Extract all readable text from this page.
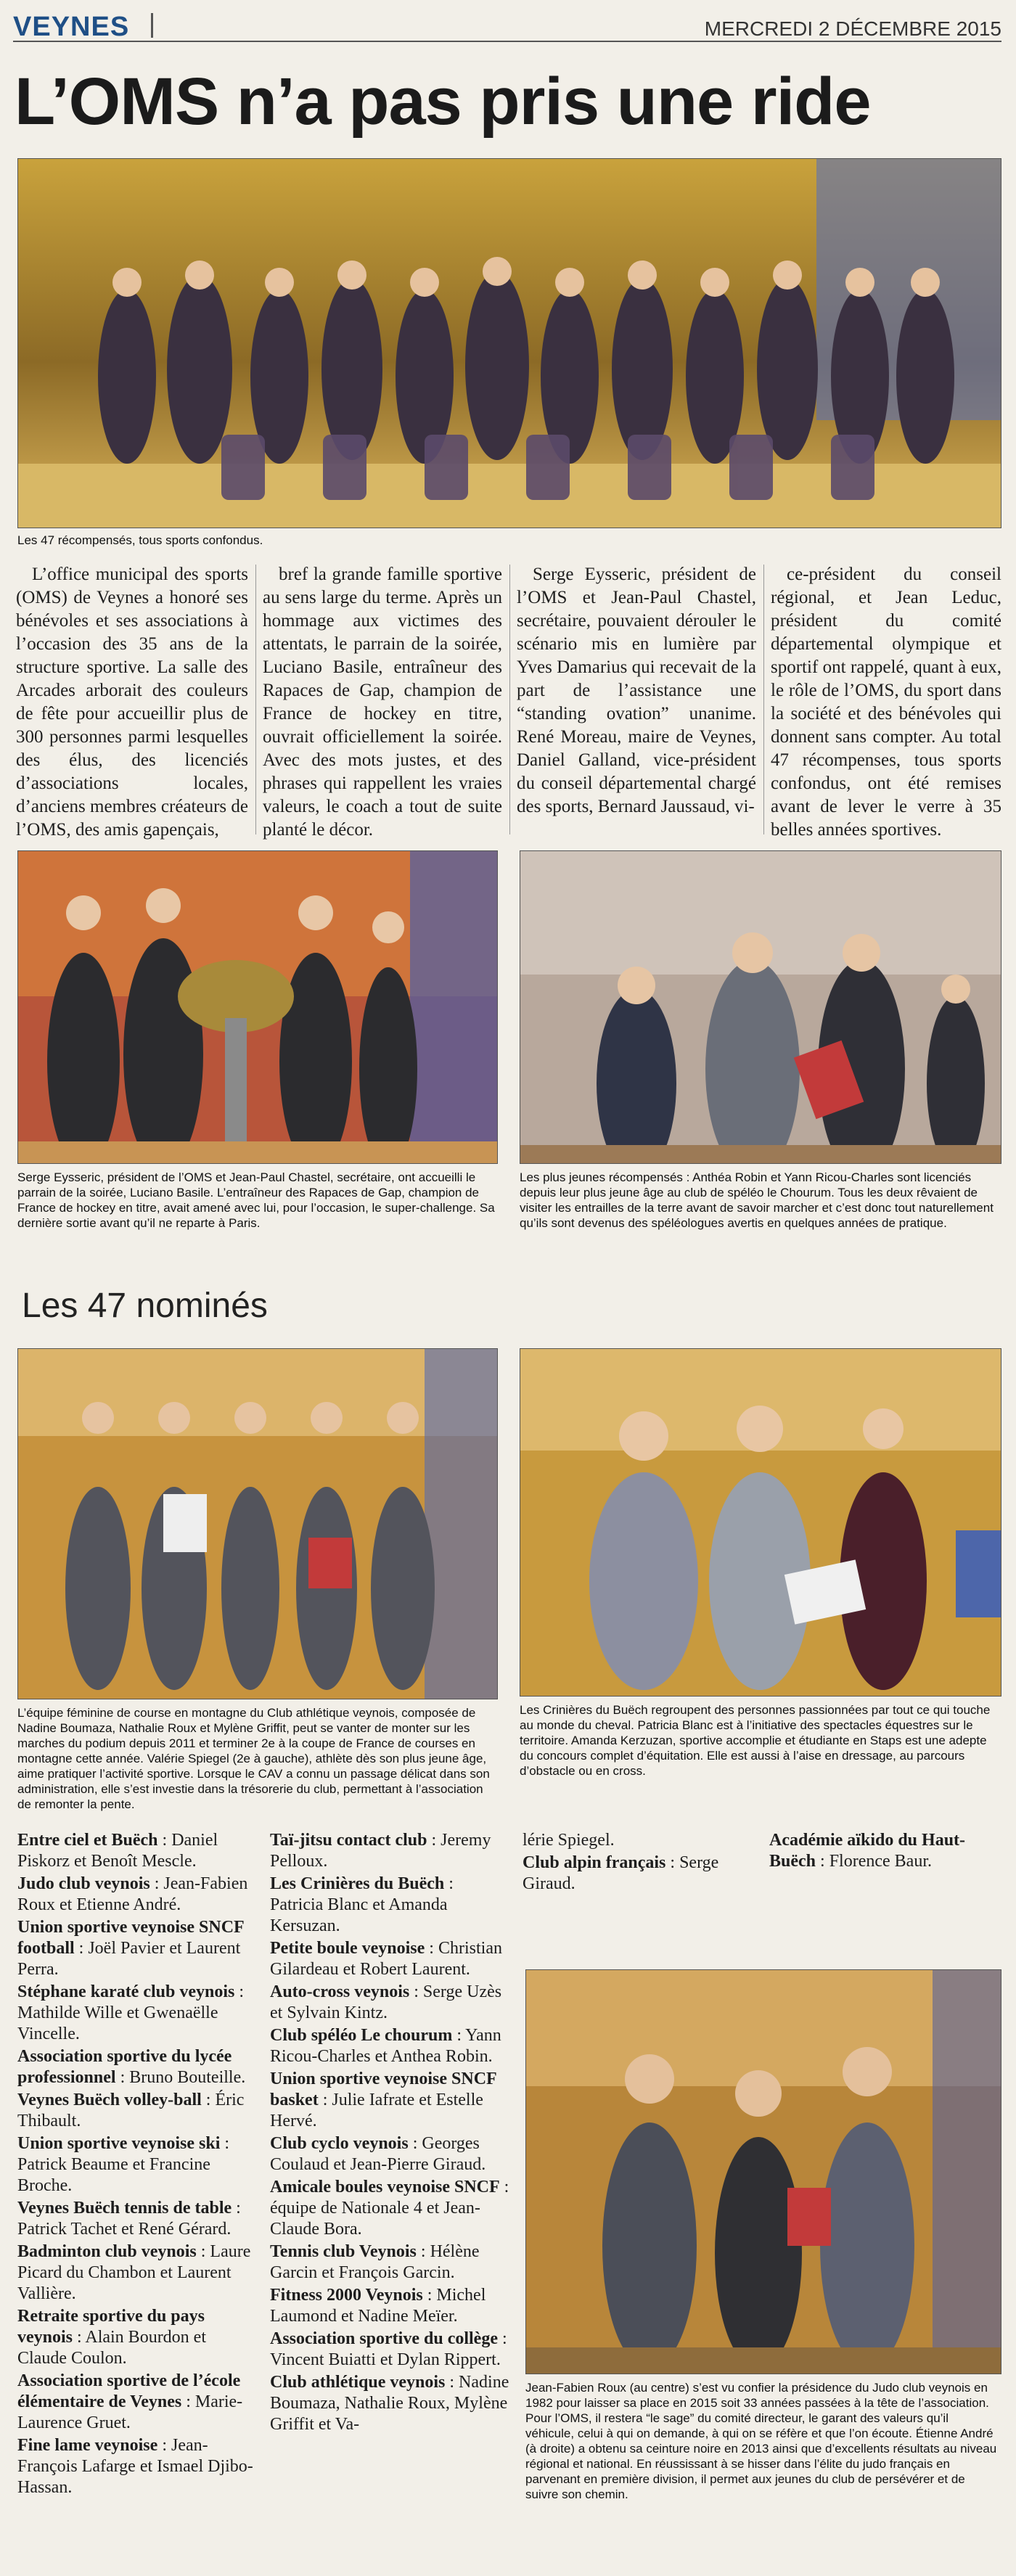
VEYNES	MERCREDI 2 DÉCEMBRE 2015
L’OMS n’a pas pris une ride
Les 47 récompensés, tous sports confondus.

L’office municipal des sports (OMS) de Veynes a honoré ses bénévoles et ses associations à l’occasion des 35 ans de la structure sportive. La salle des Arcades arborait des couleurs de fête pour accueillir plus de 300 personnes parmi lesquelles des élus, des licenciés d’associations locales, d’anciens membres créateurs de l’OMS, des amis gapençais,

bref la grande famille sportive au sens large du terme. Après un hommage aux victimes des attentats, le parrain de la soirée, Luciano Basile, entraîneur des Rapaces de Gap, champion de France de hockey en titre, ouvrait officiellement la soirée. Avec des mots justes, et des phrases qui rappellent les vraies valeurs, le coach a tout de suite planté le décor.

Serge Eysseric, président de l’OMS et Jean-Paul Chastel, secrétaire, pouvaient dérouler le scénario mis en lumière par Yves Damarius qui recevait de la part de l’assistance une “standing ovation” unanime. René Moreau, maire de Veynes, Daniel Galland, vice-président du conseil départemental chargé des sports, Bernard Jaussaud, vi-

ce-président du conseil régional, et Jean Leduc, président du comité départemental olympique et sportif ont rappelé, quant à eux, le rôle de l’OMS, du sport dans la société et des bénévoles qui donnent sans compter. Au total 47 récompenses, tous sports confondus, ont été remises avant de lever le verre à 35 belles années sportives.

Serge Eysseric, président de l’OMS et Jean-Paul Chastel, secrétaire, ont accueilli le parrain de la soirée, Luciano Basile. L’entraîneur des Rapaces de Gap, champion de France de hockey en titre, avait amené avec lui, pour l’occasion, le super-challenge. Sa dernière sortie avant qu’il ne reparte à Paris.
Les plus jeunes récompensés : Anthéa Robin et Yann Ricou-Charles sont licenciés depuis leur plus jeune âge au club de spéléo le Chourum. Tous les deux rêvaient de visiter les entrailles de la terre avant de savoir marcher et c’est donc tout naturellement qu’ils sont devenus des spéléologues avertis en quelques années de pratique.
Les 47 nominés
L’équipe féminine de course en montagne du Club athlétique veynois, composée de Nadine Boumaza, Nathalie Roux et Mylène Griffit, peut se vanter de monter sur les marches du podium depuis 2011 et terminer 2e à la coupe de France de courses en montagne cette année. Valérie Spiegel (2e à gauche), athlète dès son plus jeune âge, aime pratiquer l’activité sportive. Lorsque le CAV a connu un passage délicat dans son administration, elle s’est investie dans la trésorerie du club, permettant à l’association de remonter la pente.
Les Crinières du Buëch regroupent des personnes passionnées par tout ce qui touche au monde du cheval. Patricia Blanc est à l’initiative des spectacles équestres sur le territoire. Amanda Kerzuzan, sportive accomplie et étudiante en Staps est une adepte du concours complet d’équitation. Elle est aussi à l’aise en dressage, au parcours d’obstacle ou en cross.
Entre ciel et Buëch : Daniel Piskorz et Benoît Mescle.
Judo club veynois : Jean-Fabien Roux et Etienne André.
Union sportive veynoise SNCF football : Joël Pavier et Laurent Perra.
Stéphane karaté club veynois : Mathilde Wille et Gwenaëlle Vincelle.
Association sportive du lycée professionnel : Bruno Bouteille.
Veynes Buëch volley-ball : Éric Thibault.
Union sportive veynoise ski : Patrick Beaume et Francine Broche.
Veynes Buëch tennis de table : Patrick Tachet et René Gérard.
Badminton club veynois : Laure Picard du Chambon et Laurent Vallière.
Retraite sportive du pays veynois : Alain Bourdon et Claude Coulon.
Association sportive de l’école élémentaire de Veynes : Marie-Laurence Gruet.
Fine lame veynoise : Jean-François Lafarge et Ismael Djibo-Hassan.
Taï-jitsu contact club : Jeremy Pelloux.
Les Crinières du Buëch : Patricia Blanc et Amanda Kersuzan.
Petite boule veynoise : Christian Gilardeau et Robert Laurent.
Auto-cross veynois : Serge Uzès et Sylvain Kintz.
Club spéléo Le chourum : Yann Ricou-Charles et Anthea Robin.
Union sportive veynoise SNCF basket : Julie Iafrate et Estelle Hervé.
Club cyclo veynois : Georges Coulaud et Jean-Pierre Giraud.
Amicale boules veynoise SNCF : équipe de Nationale 4 et Jean-Claude Bora.
Tennis club Veynois : Hélène Garcin et François Garcin.
Fitness 2000 Veynois : Michel Laumond et Nadine Meïer.
Association sportive du collège : Vincent Buiatti et Dylan Rippert.
Club athlétique veynois : Nadine Boumaza, Nathalie Roux, Mylène Griffit et Va-
lérie Spiegel.
Club alpin français : Serge Giraud.
Académie aïkido du Haut-Buëch : Florence Baur.
Jean-Fabien Roux (au centre) s’est vu confier la présidence du Judo club veynois en 1982 pour laisser sa place en 2015 soit 33 années passées à la tête de l’association. Pour l’OMS, il restera “le sage” du comité directeur, le garant des valeurs qu’il véhicule, celui à qui on demande, à qui on se réfère et que l’on écoute. Étienne André (à droite) a obtenu sa ceinture noire en 2013 ainsi que d’excellents résultats au niveau régional et national. En réussissant à se hisser dans l’élite du judo français en parvenant en première division, il permet aux jeunes du club de persévérer et de suivre son chemin.
